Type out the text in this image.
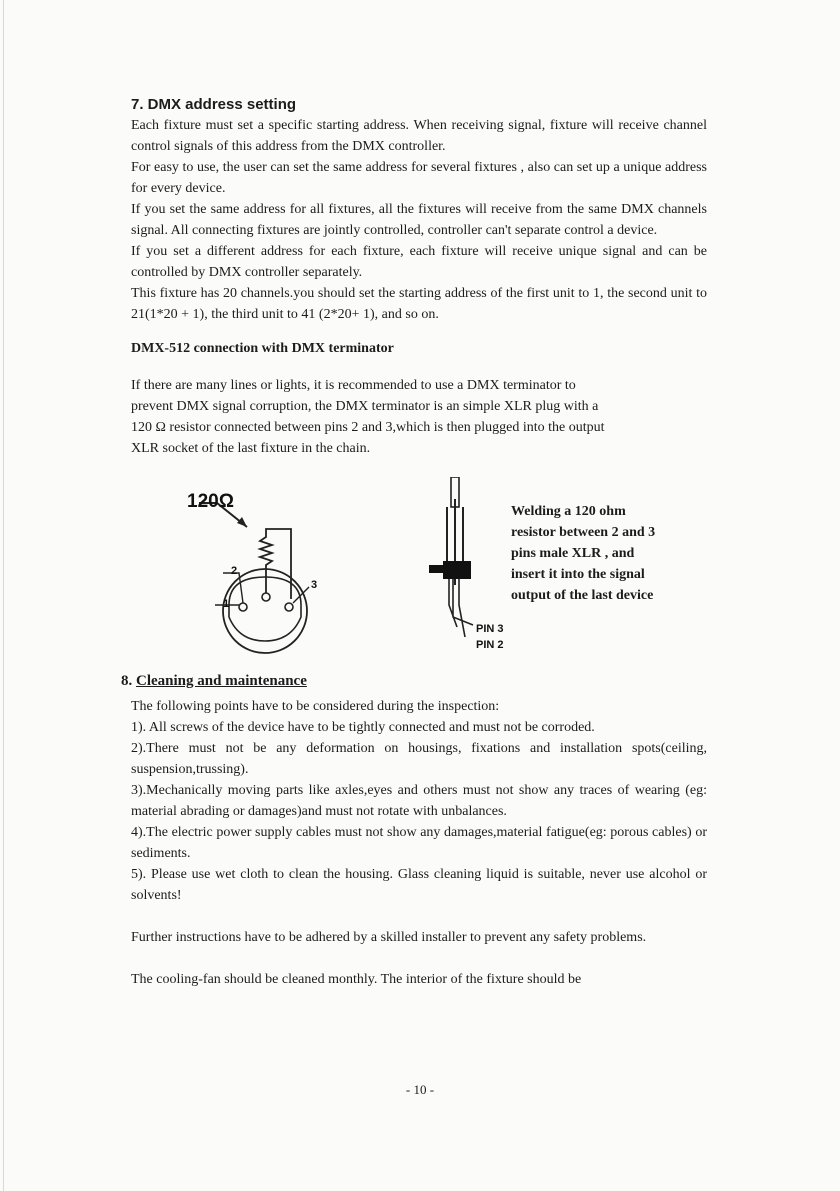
7. DMX address setting

Each fixture must set a specific starting address. When receiving signal, fixture will receive channel control signals of this address from the DMX controller.

For easy to use, the user can set the same address for several fixtures , also can set up a unique address for every device.

If you set the same address for all fixtures, all the fixtures will receive from the same DMX channels signal. All connecting fixtures are jointly controlled, controller can't separate control a device.

If you set a different address for each fixture, each fixture will receive unique signal and can be controlled by DMX controller separately.

This fixture has 20 channels.you should set the starting address of the first unit to 1, the second unit to 21(1*20 + 1), the third unit to 41 (2*20+ 1), and so on.

DMX-512 connection with DMX terminator

If there are many lines or lights, it is recommended to use a DMX terminator to
prevent DMX signal corruption, the DMX terminator is an simple XLR plug with a
120 Ω resistor connected between pins 2 and 3,which is then plugged into the output
XLR socket of the last fixture in the chain.

120Ω
2
1
3
PIN 3
PIN 2

Welding a 120 ohm
resistor between 2 and 3
pins male XLR , and
insert it into the signal
output of the last device

8. Cleaning and maintenance

The following points have to be considered during the inspection:

1). All screws of the device have to be tightly connected and must not be corroded.

2).There must not be any deformation on housings, fixations and installation spots(ceiling, suspension,trussing).

3).Mechanically moving parts like axles,eyes and others must not show any traces of wearing (eg: material abrading or damages)and must not rotate with unbalances.

4).The electric power supply cables must not show any damages,material fatigue(eg: porous cables) or sediments.

5). Please use wet cloth to clean the housing. Glass cleaning liquid is suitable, never use alcohol or solvents!

Further instructions have to be adhered by a skilled installer to prevent any safety problems.

The cooling-fan should be cleaned monthly. The interior of the fixture should be

- 10 -
